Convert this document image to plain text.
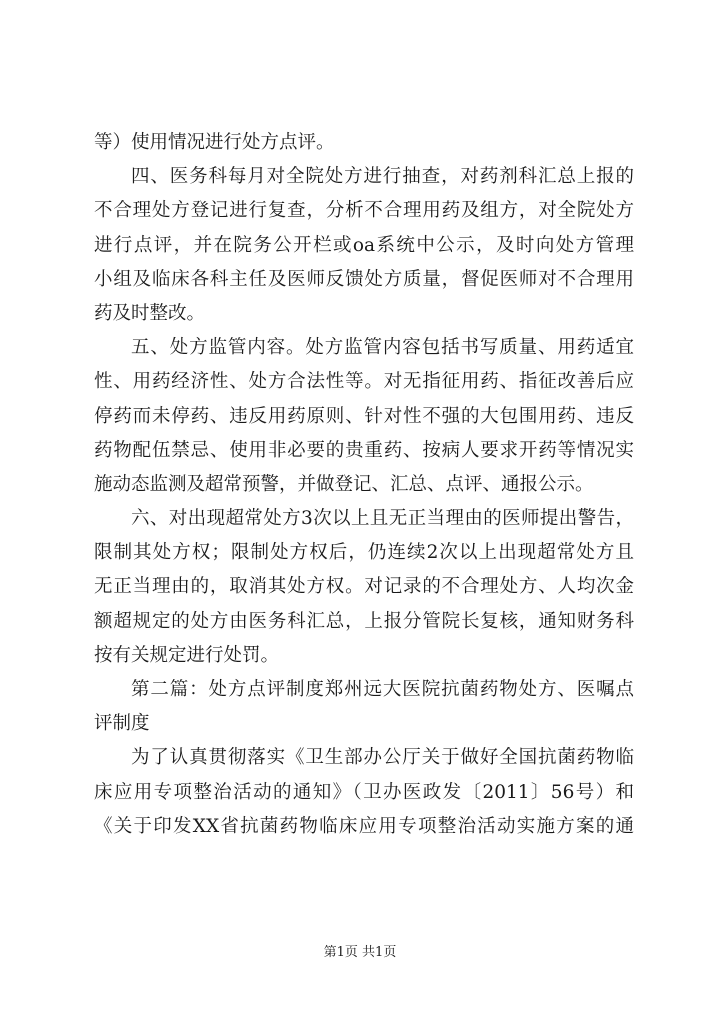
等）使用情况进行处方点评。
四、医务科每月对全院处方进行抽查，对药剂科汇总上报的
不合理处方登记进行复查，分析不合理用药及组方，对全院处方
进行点评，并在院务公开栏或oa系统中公示，及时向处方管理
小组及临床各科主任及医师反馈处方质量，督促医师对不合理用
药及时整改。
五、处方监管内容。处方监管内容包括书写质量、用药适宜
性、用药经济性、处方合法性等。对无指征用药、指征改善后应
停药而未停药、违反用药原则、针对性不强的大包围用药、违反
药物配伍禁忌、使用非必要的贵重药、按病人要求开药等情况实
施动态监测及超常预警，并做登记、汇总、点评、通报公示。
六、对出现超常处方3次以上且无正当理由的医师提出警告，
限制其处方权；限制处方权后，仍连续2次以上出现超常处方且
无正当理由的，取消其处方权。对记录的不合理处方、人均次金
额超规定的处方由医务科汇总，上报分管院长复核，通知财务科
按有关规定进行处罚。
第二篇：处方点评制度郑州远大医院抗菌药物处方、医嘱点
评制度
为了认真贯彻落实《卫生部办公厅关于做好全国抗菌药物临
床应用专项整治活动的通知》（卫办医政发〔2011〕56号）和
《关于印发XX省抗菌药物临床应用专项整治活动实施方案的通
第1页 共1页
